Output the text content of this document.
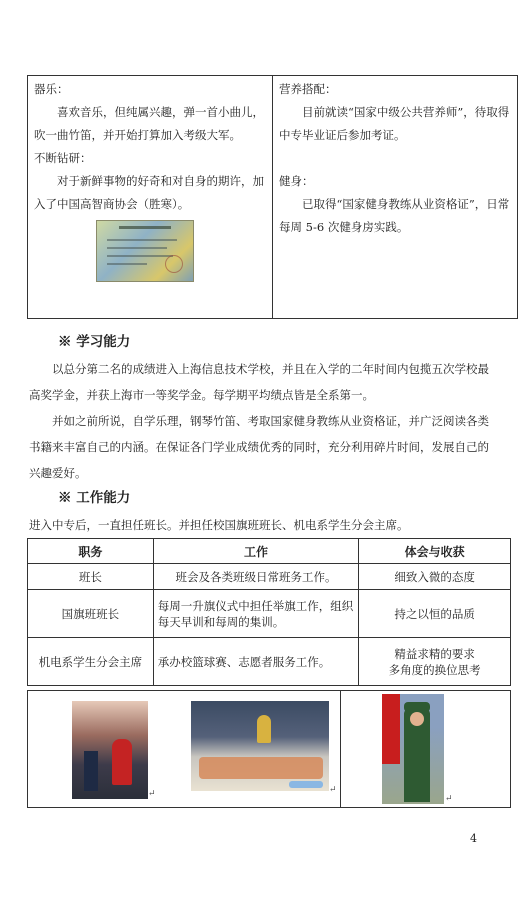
器乐：

喜欢音乐，但纯属兴趣，弹一首小曲儿，吹一曲竹笛，并开始打算加入考级大军。

不断钻研：

对于新鲜事物的好奇和对自身的期许，加入了中国高智商协会（胜寒）。

营养搭配：

目前就读“国家中级公共营养师”，待取得中专毕业证后参加考证。

健身：

已取得“国家健身教练从业资格证”，日常每周 5-6 次健身房实践。

※ 学习能力

以总分第二名的成绩进入上海信息技术学校，并且在入学的二年时间内包揽五次学校最高奖学金，并获上海市一等奖学金。每学期平均绩点皆是全系第一。

并如之前所说，自学乐理，钢琴竹笛、考取国家健身教练从业资格证，并广泛阅读各类书籍来丰富自己的内涵。在保证各门学业成绩优秀的同时，充分利用碎片时间，发展自己的兴趣爱好。

※ 工作能力

进入中专后，一直担任班长。并担任校国旗班班长、机电系学生分会主席。

职务	工作	体会与收获
班长	班会及各类班级日常班务工作。	细致入微的态度
国旗班班长	每周一升旗仪式中担任举旗工作，组织每天早训和每周的集训。	持之以恒的品质
机电系学生分会主席	承办校篮球赛、志愿者服务工作。	精益求精的要求
多角度的换位思考
↵	↵
↵
4
